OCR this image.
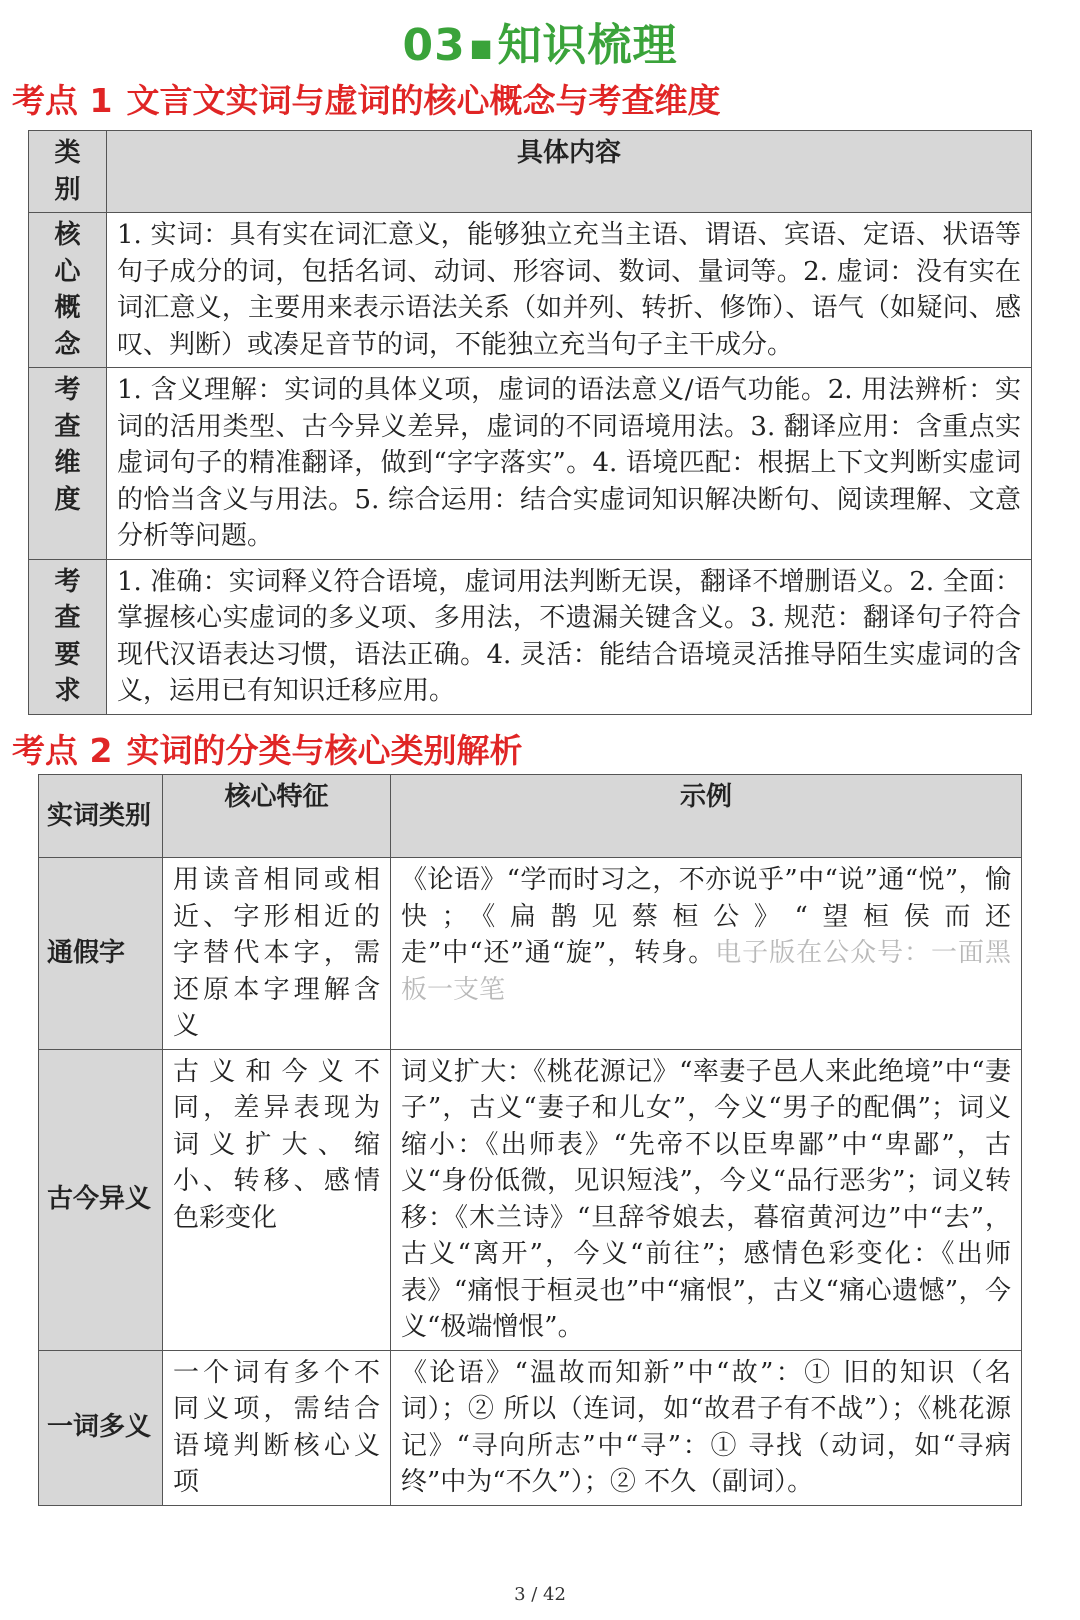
03 ■知识梳理
考点 1 文言文实词与虚词的核心概念与考查维度
类别	具体内容

核心概念	1. 实词：具有实在词汇意义，能够独立充当主语、谓语、宾语、定语、状语等句子成分的词，包括名词、动词、形容词、数词、量词等。2. 虚词：没有实在词汇意义，主要用来表示语法关系（如并列、转折、修饰）、语气（如疑问、感叹、判断）或凑足音节的词，不能独立充当句子主干成分。

考查维度	1. 含义理解：实词的具体义项，虚词的语法意义/语气功能。2. 用法辨析：实词的活用类型、古今异义差异，虚词的不同语境用法。3. 翻译应用：含重点实虚词句子的精准翻译，做到“字字落实”。4. 语境匹配：根据上下文判断实虚词的恰当含义与用法。5. 综合运用：结合实虚词知识解决断句、阅读理解、文意分析等问题。

考查要求	1. 准确：实词释义符合语境，虚词用法判断无误，翻译不增删语义。2. 全面：掌握核心实虚词的多义项、多用法，不遗漏关键含义。3. 规范：翻译句子符合现代汉语表达习惯，语法正确。4. 灵活：能结合语境灵活推导陌生实虚词的含义，运用已有知识迁移应用。
考点 2 实词的分类与核心类别解析
实词类别	核心特征	示例
通假字	用读音相同或相近、字形相近的字替代本字，需还原本字理解含义	《论语》“学而时习之，不亦说乎”中“说”通“悦”，愉快；《扁鹊见蔡桓公》“望桓侯而还走”中“还”通“旋”，转身。电子版在公众号：一面黑板一支笔
古今异义	古义和今义不同，差异表现为词义扩大、缩小、转移、感情色彩变化	词义扩大：《桃花源记》“率妻子邑人来此绝境”中“妻子”，古义“妻子和儿女”，今义“男子的配偶”；词义缩小：《出师表》“先帝不以臣卑鄙”中“卑鄙”，古义“身份低微，见识短浅”，今义“品行恶劣”；词义转移：《木兰诗》“旦辞爷娘去，暮宿黄河边”中“去”，古义“离开”，今义“前往”；感情色彩变化：《出师表》“痛恨于桓灵也”中“痛恨”，古义“痛心遗憾”，今义“极端憎恨”。
一词多义	一个词有多个不同义项，需结合语境判断核心义项	《论语》“温故而知新”中“故”：① 旧的知识（名词）；② 所以（连词，如“故君子有不战”）；《桃花源记》“寻向所志”中“寻”：① 寻找（动词，如“寻病终”中为“不久”）；② 不久（副词）。
3 / 42
